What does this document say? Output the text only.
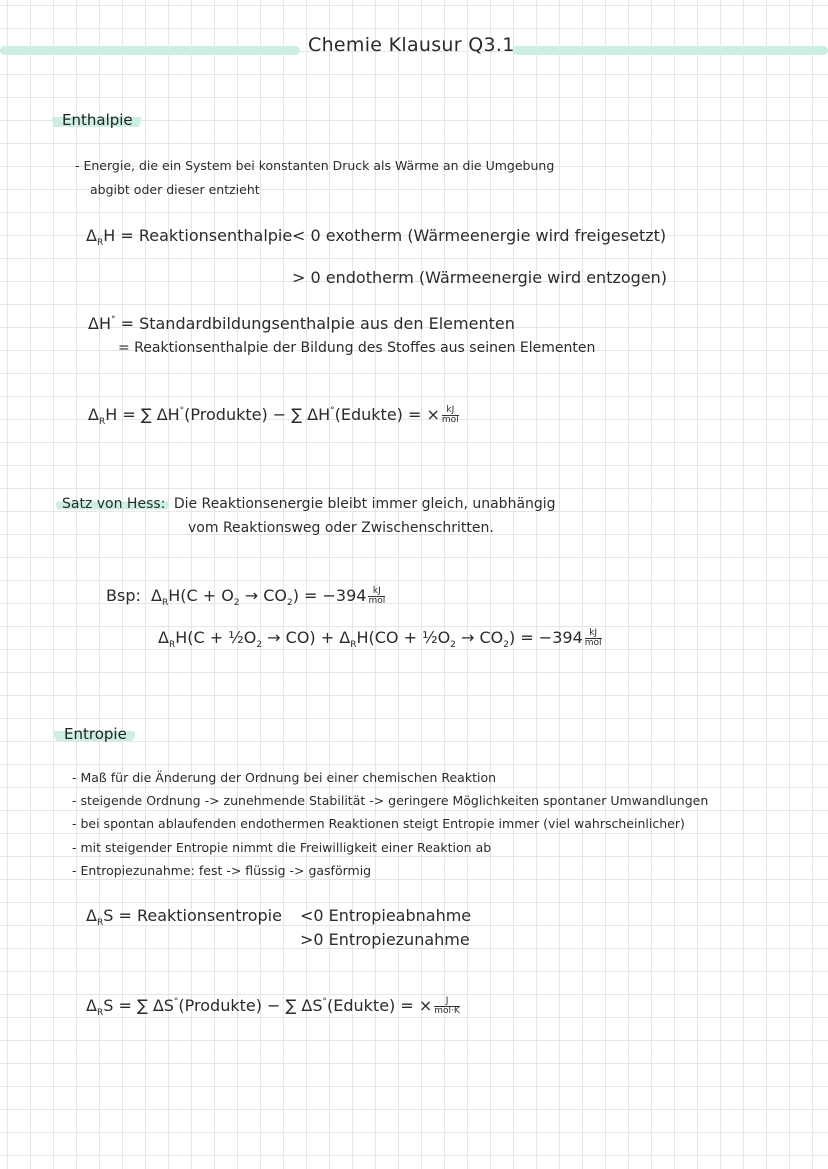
Chemie Klausur Q3.1
Enthalpie
- Energie, die ein System bei konstanten Druck als Wärme an die Umgebung
abgibt oder dieser entzieht
$\Delta_RH$ = Reaktionsenthalpie < 0 exotherm (Wärmeenergie wird freigesetzt)
> 0 endotherm (Wärmeenergie wird entzogen)
ΔH° = Standardbildungsenthalpie aus den Elementen
= Reaktionsenthalpie der Bildung des Stoffes aus seinen Elementen
$\Delta_RH$ = ∑ ΔH°(Produkte) − ∑ ΔH°(Edukte) = × $\frac{kJ}{\text{mol}}$
Satz von Hess: Die Reaktionsenergie bleibt immer gleich, unabhängig
vom Reaktionsweg oder Zwischenschritten.
Bsp: $\Delta_RH(C + O_2 \to CO_2) = -394 \frac{kJ}{\text{mol}}$
$\Delta_RH(C$ + $\frac{1}{2}O_2 \to CO) + \Delta_RH(CO$ + $\frac{1}{2}O_2 \to CO_2) = -394 \frac{kJ}{\text{mol}}$
Entropie
- Maß für die Änderung der Ordnung bei einer chemischen Reaktion
- steigende Ordnung -> zunehmende Stabilität -> geringere Möglichkeiten spontaner Umwandlungen
- bei spontan ablaufenden endothermen Reaktionen steigt Entropie immer (viel wahrscheinlicher)
- mit steigender Entropie nimmt die Freiwilligkeit einer Reaktion ab
- Entropiezunahme: fest -> flüssig -> gasförmig
$\Delta_RS$ = Reaktionsentropie <0 Entropieabnahme
>0 Entropiezunahme
$\Delta_RS$ = ∑ ΔS°(Produkte) − ∑ ΔS°(Edukte) = × $\frac{J}{\text{mol·K}}$
